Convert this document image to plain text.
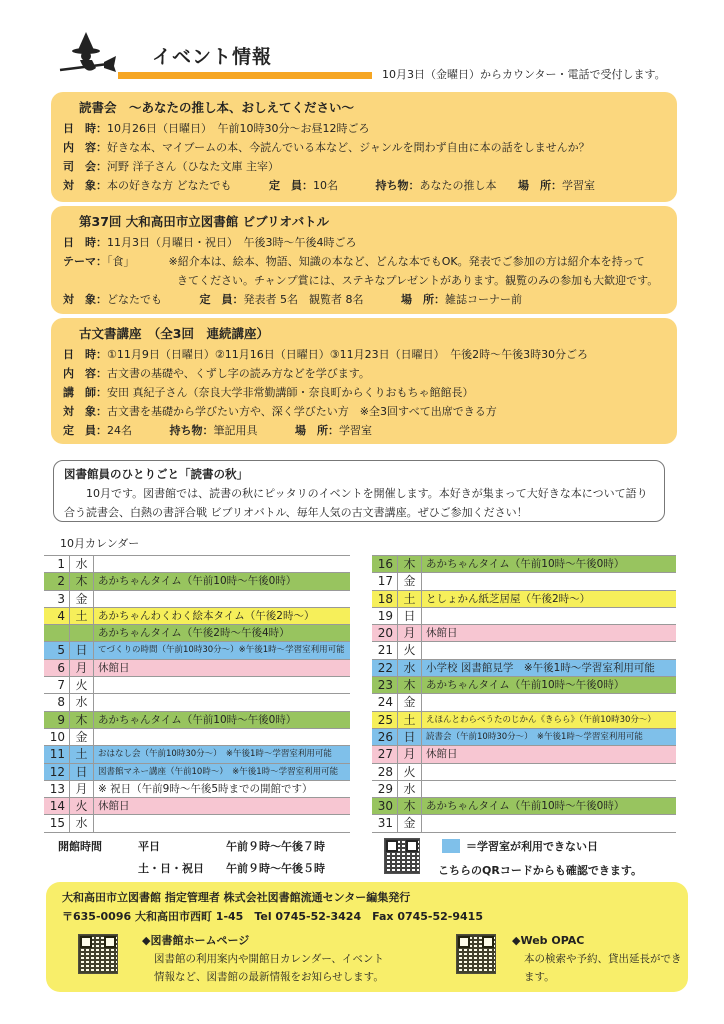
イベント情報
10月3日（金曜日）からカウンター・電話で受付します。
読書会　～あなたの推し本、おしえてください～
日　時：10月26日（日曜日）　午前10時30分～お昼12時ごろ
内　容：好きな本、マイブームの本、今読んでいる本など、ジャンルを問わず自由に本の話をしませんか？
司　会：河野 洋子さん（ひなた文庫 主宰）
対　象：本の好きな方 どなたでも	定　員：10名	持ち物：あなたの推し本 場　所：学習室
第37回 大和高田市立図書館 ビブリオバトル
日　時：11月3日（月曜日・祝日）　午後3時～午後4時ごろ
テーマ：「食」	※紹介本は、絵本、物語、知識の本など、どんな本でもOK。発表でご参加の方は紹介本を持って
きてください。チャンプ賞には、ステキなプレゼントがあります。観覧のみの参加も大歓迎です。
対　象：どなたでも	定　員：発表者 5名　観覧者 8名	場　所：雑誌コーナー前
古文書講座　（全3回　連続講座）
日　時：①11月9日（日曜日）②11月16日（日曜日）③11月23日（日曜日）　午後2時～午後3時30分ごろ
内　容：古文書の基礎や、くずし字の読み方などを学びます。
講　師：安田 真紀子さん（奈良大学非常勤講師・奈良町からくりおもちゃ館館長）
対　象：古文書を基礎から学びたい方や、深く学びたい方　※全3回すべて出席できる方
定　員：24名	持ち物：筆記用具	場　所：学習室
図書館員のひとりごと「読書の秋」
10月です。図書館では、読書の秋にピッタリのイベントを開催します。本好きが集まって大好きな本について語り合う読書会、白熱の書評合戦 ビブリオバトル、毎年人気の古文書講座。ぜひご参加ください！
10月カレンダー
1 水
2 木	あかちゃんタイム（午前10時～午後0時）
3 金
4 土	あかちゃんわくわく絵本タイム（午後2時～）
あかちゃんタイム（午後2時～午後4時）
5 日	てづくりの時間（午前10時30分～）※午後1時～学習室利用可能
6 月	休館日
7 火
8 水
9 木	あかちゃんタイム（午前10時～午後0時）
10 金
11 土	おはなし会（午前10時30分～）　※午後1時～学習室利用可能
12 日	図書館マネー講座（午前10時～）　※午後1時～学習室利用可能
13 月	※ 祝日（午前9時～午後5時までの開館です）
14 火	休館日
15 水
16 木	あかちゃんタイム（午前10時～午後0時）
17 金
18 土	としょかん紙芝居屋（午後2時～）
19 日
20 月	休館日
21 火
22 水	小学校 図書館見学　※午後1時～学習室利用可能
23 木	あかちゃんタイム（午前10時～午後0時）
24 金
25 土	えほんとわらべうたのじかん《きらら》（午前10時30分～）
26 日	読書会（午前10時30分～）　※午後1時～学習室利用可能
27 月	休館日
28 火
29 水
30 木	あかちゃんタイム（午前10時～午後0時）
31 金
開館時間	平日	午前９時～午後７時
土・日・祝日 午前９時～午後５時
＝学習室が利用できない日
こちらのQRコードからも確認できます。
大和高田市立図書館 指定管理者 株式会社図書館流通センター編集発行
〒635-0096 大和高田市西町 1-45　Tel 0745-52-3424　Fax 0745-52-9415
◆図書館ホームページ
図書館の利用案内や開館日カレンダー、イベント情報など、図書館の最新情報をお知らせします。
◆Web OPAC
本の検索や予約、貸出延長ができます。
